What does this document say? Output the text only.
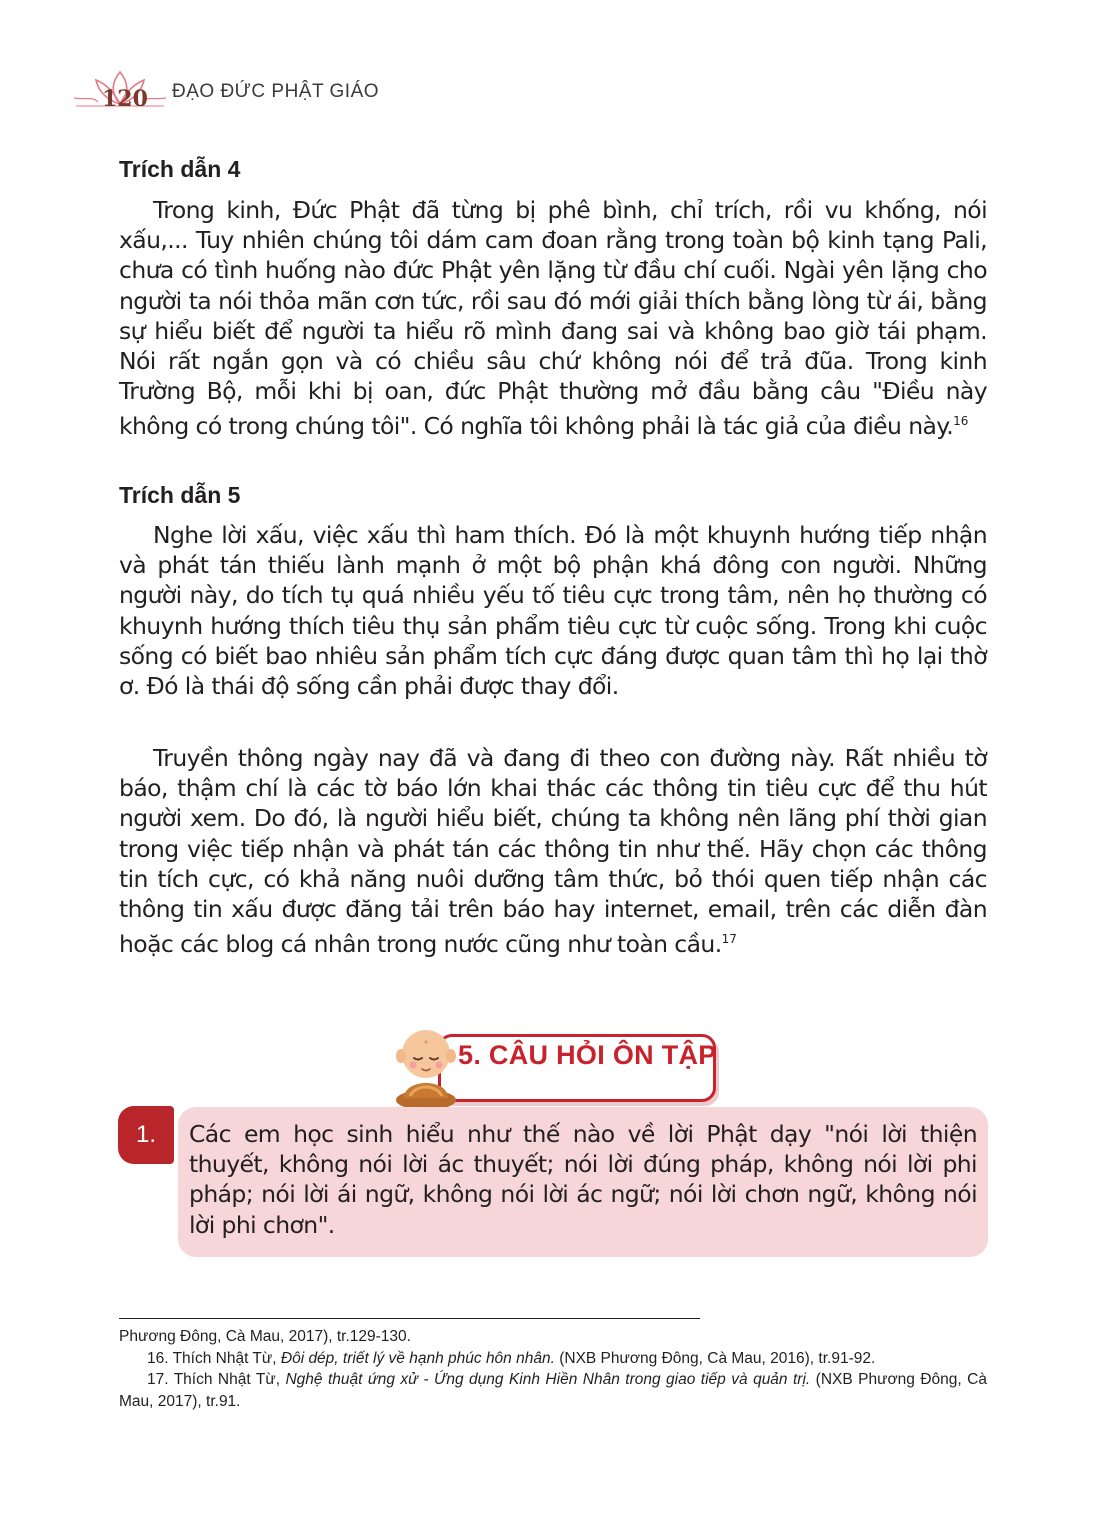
120 ĐẠO ĐỨC PHẬT GIÁO
Trích dẫn 4

Trong kinh, Đức Phật đã từng bị phê bình, chỉ trích, rồi vu khống, nói xấu,... Tuy nhiên chúng tôi dám cam đoan rằng trong toàn bộ kinh tạng Pali, chưa có tình huống nào đức Phật yên lặng từ đầu chí cuối. Ngài yên lặng cho người ta nói thỏa mãn cơn tức, rồi sau đó mới giải thích bằng lòng từ ái, bằng sự hiểu biết để người ta hiểu rõ mình đang sai và không bao giờ tái phạm. Nói rất ngắn gọn và có chiều sâu chứ không nói để trả đũa. Trong kinh Trường Bộ, mỗi khi bị oan, đức Phật thường mở đầu bằng câu "Điều này không có trong chúng tôi". Có nghĩa tôi không phải là tác giả của điều này.$^{16}$

Trích dẫn 5

Nghe lời xấu, việc xấu thì ham thích. Đó là một khuynh hướng tiếp nhận và phát tán thiếu lành mạnh ở một bộ phận khá đông con người. Những người này, do tích tụ quá nhiều yếu tố tiêu cực trong tâm, nên họ thường có khuynh hướng thích tiêu thụ sản phẩm tiêu cực từ cuộc sống. Trong khi cuộc sống có biết bao nhiêu sản phẩm tích cực đáng được quan tâm thì họ lại thờ ơ. Đó là thái độ sống cần phải được thay đổi.

Truyền thông ngày nay đã và đang đi theo con đường này. Rất nhiều tờ báo, thậm chí là các tờ báo lớn khai thác các thông tin tiêu cực để thu hút người xem. Do đó, là người hiểu biết, chúng ta không nên lãng phí thời gian trong việc tiếp nhận và phát tán các thông tin như thế. Hãy chọn các thông tin tích cực, có khả năng nuôi dưỡng tâm thức, bỏ thói quen tiếp nhận các thông tin xấu được đăng tải trên báo hay internet, email, trên các diễn đàn hoặc các blog cá nhân trong nước cũng như toàn cầu.$^{17}$

5. CÂU HỎI ÔN TẬP
1.	Các em học sinh hiểu như thế nào về lời Phật dạy "nói lời thiện thuyết, không nói lời ác thuyết; nói lời đúng pháp, không nói lời phi pháp; nói lời ái ngữ, không nói lời ác ngữ; nói lời chơn ngữ, không nói lời phi chơn".

Phương Đông, Cà Mau, 2017), tr.129-130.

16. Thích Nhật Từ, Đôi dép, triết lý về hạnh phúc hôn nhân. (NXB Phương Đông, Cà Mau, 2016), tr.91-92.

17. Thích Nhật Từ, Nghệ thuật ứng xử - Ứng dụng Kinh Hiền Nhân trong giao tiếp và quản trị. (NXB Phương Đông, Cà Mau, 2017), tr.91.
